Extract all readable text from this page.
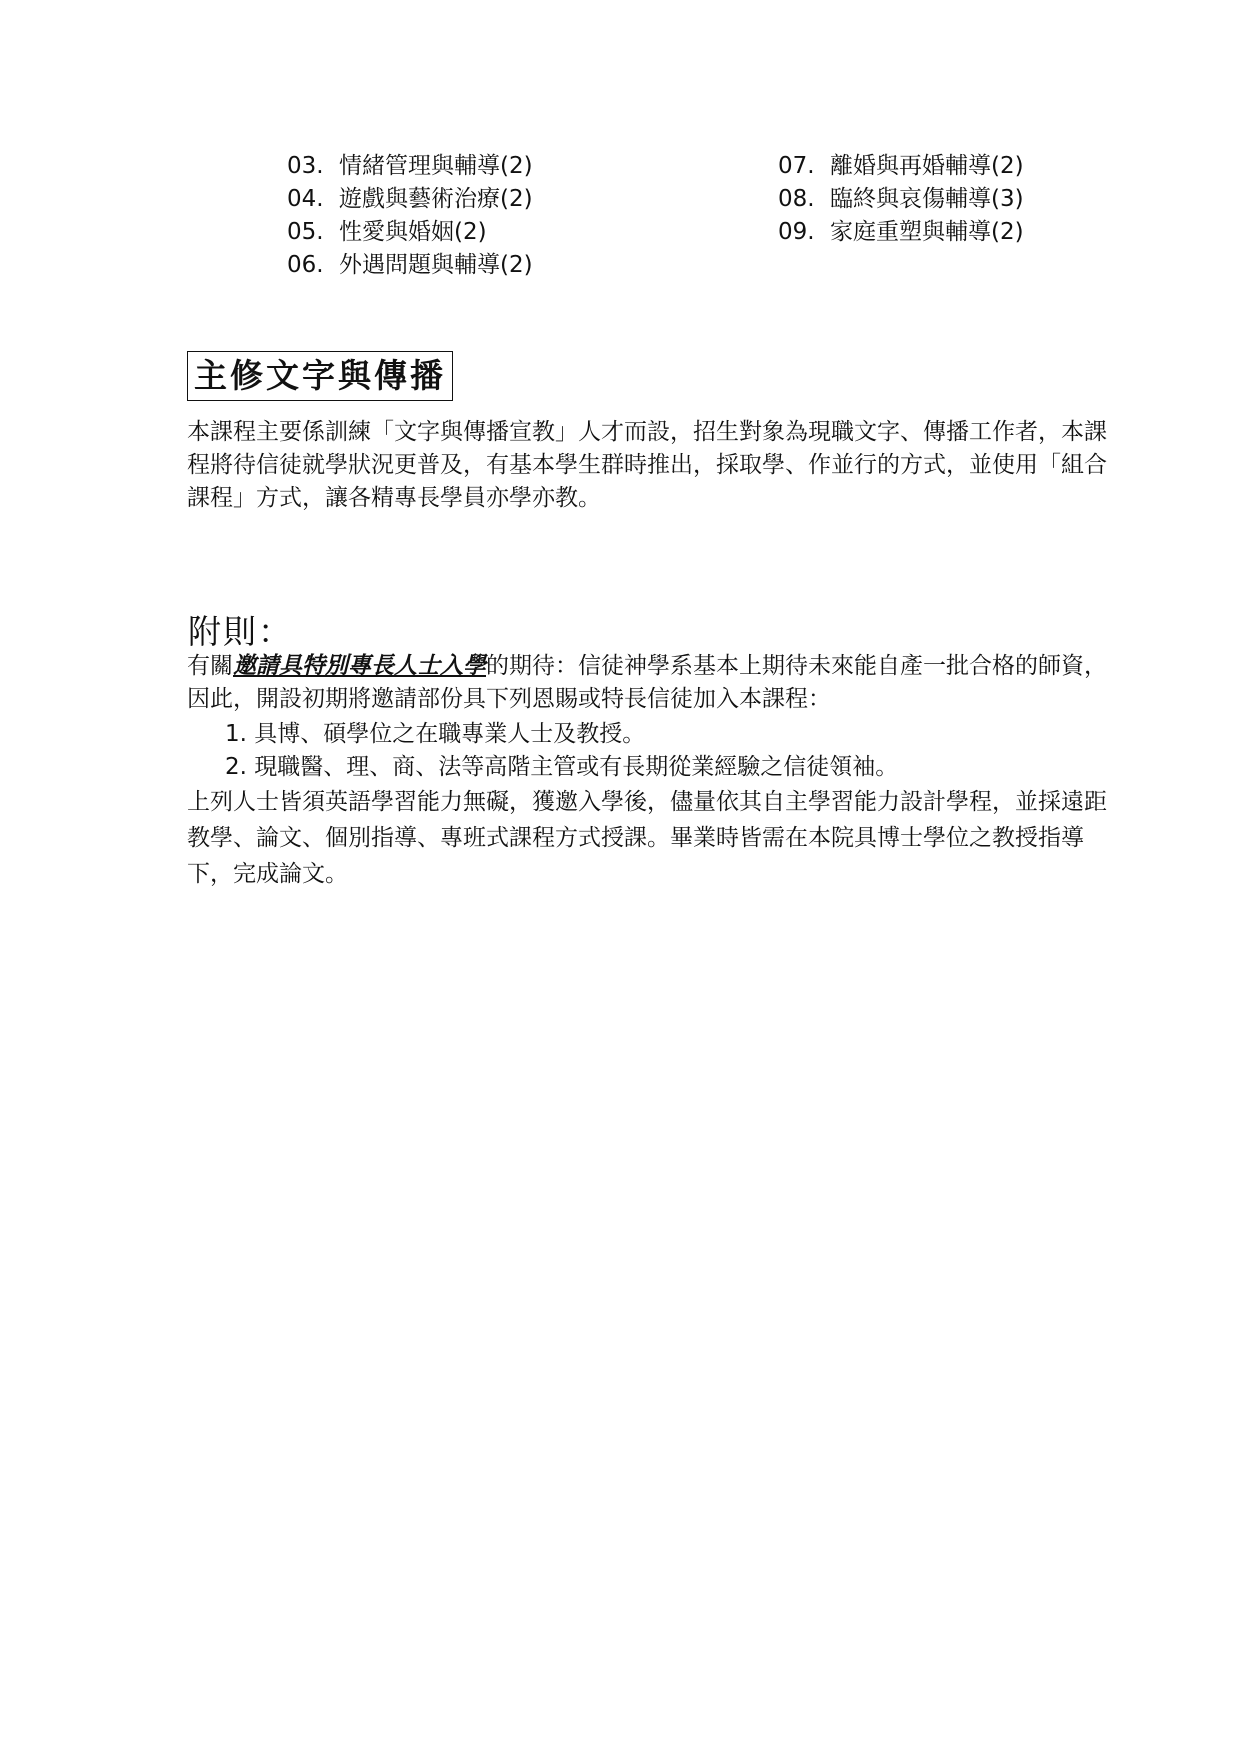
03. 情緒管理與輔導(2)
04. 遊戲與藝術治療(2)
05. 性愛與婚姻(2)
06. 外遇問題與輔導(2)
07. 離婚與再婚輔導(2)
08. 臨終與哀傷輔導(3)
09. 家庭重塑與輔導(2)
主修文字與傳播
本課程主要係訓練「文字與傳播宣教」人才而設，招生對象為現職文字、傳播工作者，本課程將待信徒就學狀況更普及，有基本學生群時推出，採取學、作並行的方式，並使用「組合課程」方式，讓各精專長學員亦學亦教。
附則：
有關邀請具特別專長人士入學的期待：信徒神學系基本上期待未來能自產一批合格的師資，因此，開設初期將邀請部份具下列恩賜或特長信徒加入本課程：
1. 具博、碩學位之在職專業人士及教授。
2. 現職醫、理、商、法等高階主管或有長期從業經驗之信徒領袖。
上列人士皆須英語學習能力無礙，獲邀入學後，儘量依其自主學習能力設計學程，並採遠距教學、論文、個別指導、專班式課程方式授課。畢業時皆需在本院具博士學位之教授指導下，完成論文。
